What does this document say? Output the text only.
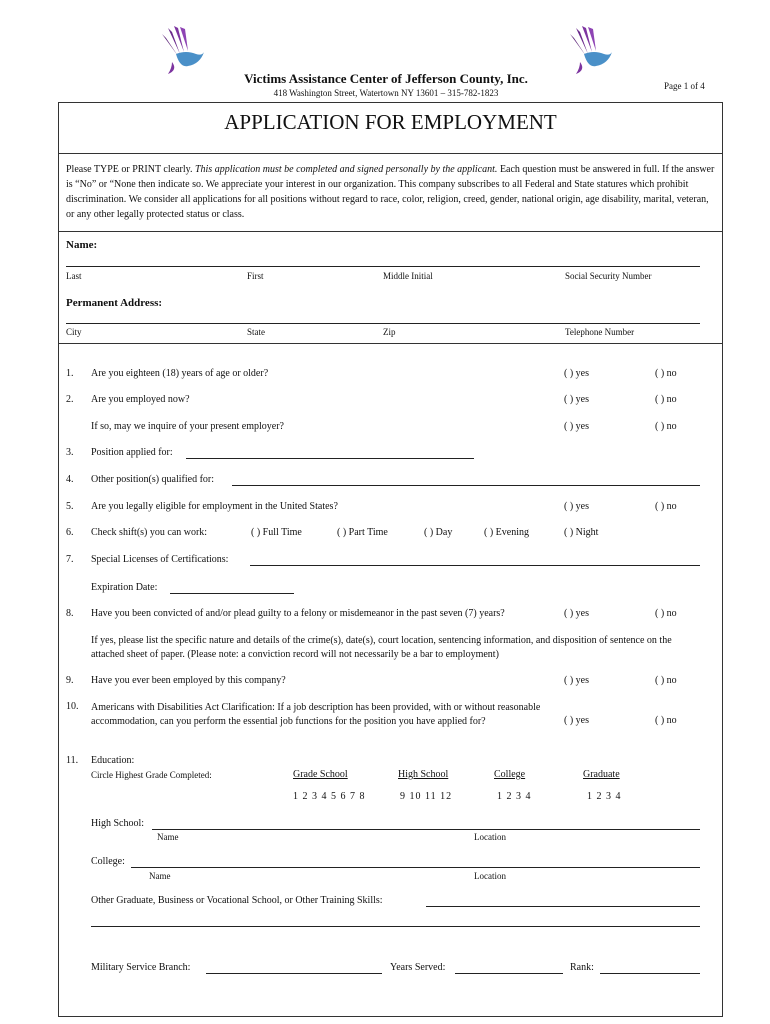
Victims Assistance Center of Jefferson County, Inc.
418 Washington Street, Watertown NY 13601 – 315-782-1823
Page 1 of 4
APPLICATION FOR EMPLOYMENT
Please TYPE or PRINT clearly. This application must be completed and signed personally by the applicant. Each question must be answered in full. If the answer is “No” or “None then indicate so. We appreciate your interest in our organization. This company subscribes to all Federal and State statures which prohibit discrimination. We consider all applications for all positions without regard to race, color, religion, creed, gender, national origin, age disability, marital, veteran, or any other legally protected status or class.
Name:
Last	First	Middle Initial	Social Security Number
Permanent Address:
City	State	Zip	Telephone Number
1. Are you eighteen (18) years of age or older?	( ) yes	( ) no
2. Are you employed now?	( ) yes	( ) no
If so, may we inquire of your present employer?	( ) yes	( ) no
3. Position applied for:
4. Other position(s) qualified for:
5. Are you legally eligible for employment in the United States?	( ) yes	( ) no
6. Check shift(s) you can work:	( ) Full Time	( ) Part Time	( ) Day	( ) Evening	( ) Night
7. Special Licenses of Certifications:
Expiration Date:
8. Have you been convicted of and/or plead guilty to a felony or misdemeanor in the past seven (7) years?	( ) yes	( ) no
If yes, please list the specific nature and details of the crime(s), date(s), court location, sentencing information, and disposition of sentence on the attached sheet of paper. (Please note: a conviction record will not necessarily be a bar to employment)
9. Have you ever been employed by this company?	( ) yes	( ) no
10. Americans with Disabilities Act Clarification: If a job description has been provided, with or without reasonable accommodation, can you perform the essential job functions for the position you have applied for?	( ) yes	( ) no
11. Education:
Circle Highest Grade Completed:	Grade School	High School	College	Graduate
1 2 3 4 5 6 7 8	9 10 11 12	1 2 3 4	1 2 3 4
High School:
Name	Location
College:
Name	Location
Other Graduate, Business or Vocational School, or Other Training Skills:
Military Service Branch:	Years Served:	Rank:
